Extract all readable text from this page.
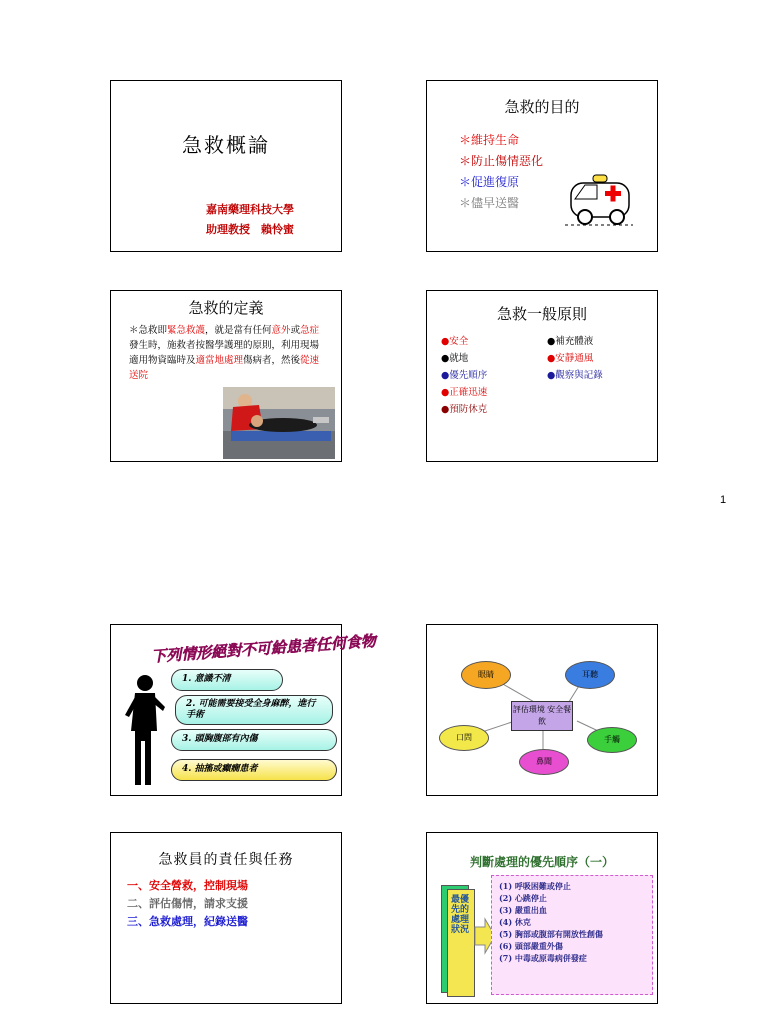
急救概論
嘉南藥理科技大學
助理教授　賴怜蜜
急救的目的
＊維持生命
＊防止傷情惡化
＊促進復原
＊儘早送醫
急救的定義
＊急救即緊急救護，就是當有任何意外或急症發生時，施救者按醫學護理的原則，利用現場適用物資臨時及適當地處理傷病者，然後從速送院
急救一般原則
●安全
●就地
●優先順序
●正確迅速
●預防休克
●補充體液
●安靜通風
●觀察與記錄
1
下列情形絕對不可給患者任何食物
1. 意識不清
2. 可能需要接受全身麻醉，進行手術
3. 頭胸腹部有內傷
4. 抽搐或癲癇患者
評估環境 安全餐飲
眼睛	耳聽
口問	手觸
鼻聞
急救員的責任與任務
一、安全營救，控制現場
二、評估傷情，請求支援
三、急救處理，紀錄送醫
判斷處理的優先順序（一）
最優先的處理狀況
(1) 呼吸困難或停止
(2) 心跳停止
(3) 嚴重出血
(4) 休克
(5) 胸部或腹部有開放性創傷
(6) 頭部嚴重外傷
(7) 中毒或原毒病併發症
